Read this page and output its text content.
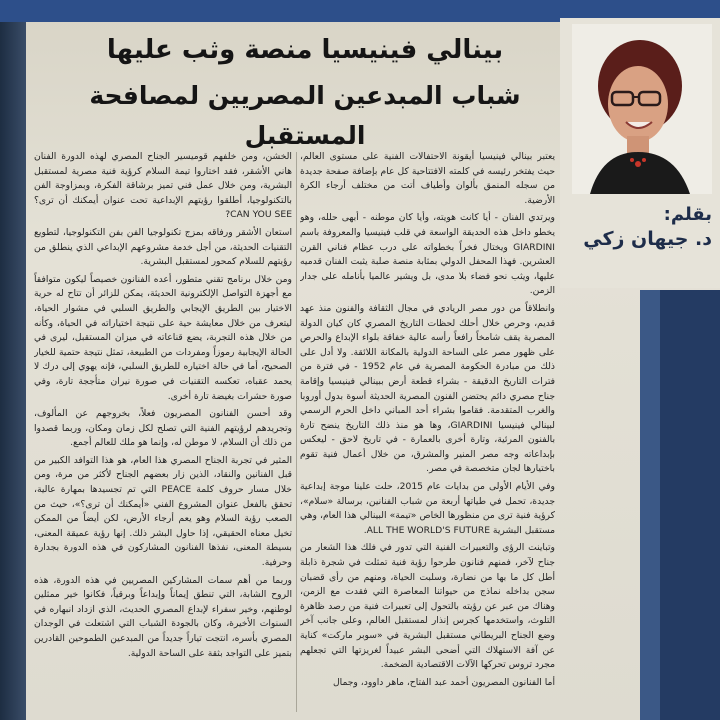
بينالي فينيسيا منصة وثب عليها

شباب المبدعين المصريين لمصافحة المستقبل

بقلم:
د. جيهان زكي

يعتبر بينالي فينيسيا أيقونة الاحتفالات الفنية على مستوى العالم، حيث يفتخر رئيسه في كلمته الافتتاحية كل عام بإضافة صفحة جديدة من سجله المنمق بألوان وأطياف أتت من مختلف أرجاء الكرة الأرضية.

ويرتدي الفنان - أيا كانت هويته، وأيا كان موطنه - أبهى حلله، وهو يخطو داخل هذه الحديقة الواسعة في قلب فينيسيا والمعروفة باسم GIARDINI ويختال فخراً بخطواته على درب عظام فناني القرن العشرين. فهذا المحفل الدولي بمثابة منصة صلبة يثبت الفنان قدميه عليها، ويثب نحو فضاء بلا مدى، بل ويشير عالميا بأنامله على جدار الزمن.

وانطلاقاً من دور مصر الريادي في مجال الثقافة والفنون منذ عهد قديم، وحرص خلال أحلك لحظات التاريخ المصري كان كيان الدولة المصرية يقف شامخاً رافعاً رأسه عالية خفاقة بلواء الإبداع والحرص على ظهور مصر على الساحة الدولية بالمكانة اللائقة. ولا أدل على ذلك من مبادرة الحكومة المصرية في عام 1952 - في فترة من فترات التاريخ الدقيقة - بشراء قطعة أرض ببينالي فينيسيا وإقامة جناح مصري دائم يحتضن الفنون المصرية الحديثة أسوة بدول أوروبا والغرب المتقدمة. فقاموا بشراء أحد المباني داخل الحرم الرسمي لبينالي فينيسيا GIARDINI، وها هو منذ ذلك التاريخ ينضح تارة بالفنون المرئية، وتارة أخرى بالعمارة - في تاريخ لاحق - ليعكس بإبداعاته وجه مصر المنير والمشرق، من خلال أعمال فنية تقوم باختيارها لجان متخصصة في مصر.

وفي الأيام الأولى من بدايات عام 2015، حلت علينا موجة إبداعية جديدة، تحمل في طياتها أربعة من شباب الفنانين، برسالة «سلام»، كرؤية فنية ترى من منظورها الخاص «تيمة» البينالي هذا العام، وهي مستقبل البشرية ALL THE WORLD'S FUTURE.

وتباينت الرؤى والتعبيرات الفنية التي تدور في فلك هذا الشعار من جناح لآخر، فمنهم فنانون طرحوا رؤية فنية تمثلت في شجرة ذابلة أطل كل ما بها من نضارة، وسلبت الحياة، ومنهم من رأى قضبان سجن بداخله نماذج من حيواتنا المعاصرة التي فقدت مع الزمن، وهناك من عبر عن رؤيته بالتحول إلى تعبيرات فنية من رصد ظاهرة التلوث، واستخدمها كجرس إنذار لمستقبل العالم، وعلى جانب آخر وضع الجناح البريطاني مستقبل البشرية في «سوبر ماركت» كناية عن آفة الاستهلاك التي أضحى البشر عبيداً لغريزتها التي تجعلهم مجرد تروس تحركها الآلات الاقتصادية الضخمة.

أما الفنانون المصريون أحمد عبد الفتاح، ماهر داوود، وجمال

الخشن، ومن خلفهم قوميسير الجناح المصري لهذه الدورة الفنان هاني الأشقر، فقد اختاروا تيمة السلام كرؤية فنية مصرية لمستقبل البشرية، ومن خلال عمل فني تميز برشاقة الفكرة، وبمزاوجة الفن بالتكنولوجيا، أطلقوا رؤيتهم الإبداعية تحت عنوان أيمكنك أن ترى؟ CAN YOU SEE?

استعان الأشقر ورفاقه بمزج تكنولوجيا الفن بفن التكنولوجيا، لتطويع التقنيات الحديثة، من أجل خدمة مشروعهم الإبداعي الذي ينطلق من رؤيتهم للسلام كمحور لمستقبل البشرية.

ومن خلال برنامج تقني متطور، أعده الفنانون خصيصاً ليكون متوافقاً مع أجهزة التواصل الإلكترونية الحديثة، يمكن للزائر أن تتاح له حرية الاختيار بين الطريق الإيجابي والطريق السلبي في مشوار الحياة، ليتعرف من خلال معايشة حية على نتيجة اختياراته في الحياة، وكأنه من خلال هذه التجربة، يضع قناعاته في ميزان المستقبل، ليرى في الحالة الإيجابية رموزاً ومفردات من الطبيعة، تمثل نتيجة حتمية للخيار الصحيح، أما في حالة اختياره للطريق السلبي، فإنه يهوي إلى درك لا يحمد عقباه، تعكسه التقنيات في صورة نيران متأججة تارة، وفي صورة حشرات بغيضة تارة أخرى.

وقد أحسن الفنانون المصريون فعلاً، بخروجهم عن المألوف، وتجريدهم لرؤيتهم الفنية التي تصلح لكل زمان ومكان، وربما قصدوا من ذلك أن السلام، لا موطن له، وإنما هو ملك للعالم أجمع.

المثير في تجربة الجناح المصري هذا العام، هو هذا التوافد الكبير من قبل الفنانين والنقاد، الذين زار بعضهم الجناح لأكثر من مرة، ومن خلال مسار حروف كلمة PEACE التي تم تجسيدها بمهارة عالية، تحقق بالفعل عنوان المشروع الفني «أيمكنك أن ترى؟»، حيث من الصعب رؤية السلام وهو يعم أرجاء الأرض، لكن أيضاً من الممكن تخيل معناه الحقيقي، إذا حاول البشر ذلك. إنها رؤية عميقة المعنى، بسيطة المعنى، نفذها الفنانون المشاركون في هذه الدورة بجدارة وحرفية.

وربما من أهم سمات المشاركين المصريين في هذه الدورة، هذه الروح الشابة، التي تنطق إيماناً وإبداعاً وبرقياً، فكانوا خير ممثلين لوطنهم، وخير سفراء لإبداع المصري الحديث، الذي ازداد انبهاره في السنوات الأخيرة، وكان بالجودة الشباب التي اشتعلت في الوجدان المصري بأسره، انتجت تياراً جديداً من المبدعين الطموحين القادرين بتميز على التواجد بثقة على الساحة الدولية.
